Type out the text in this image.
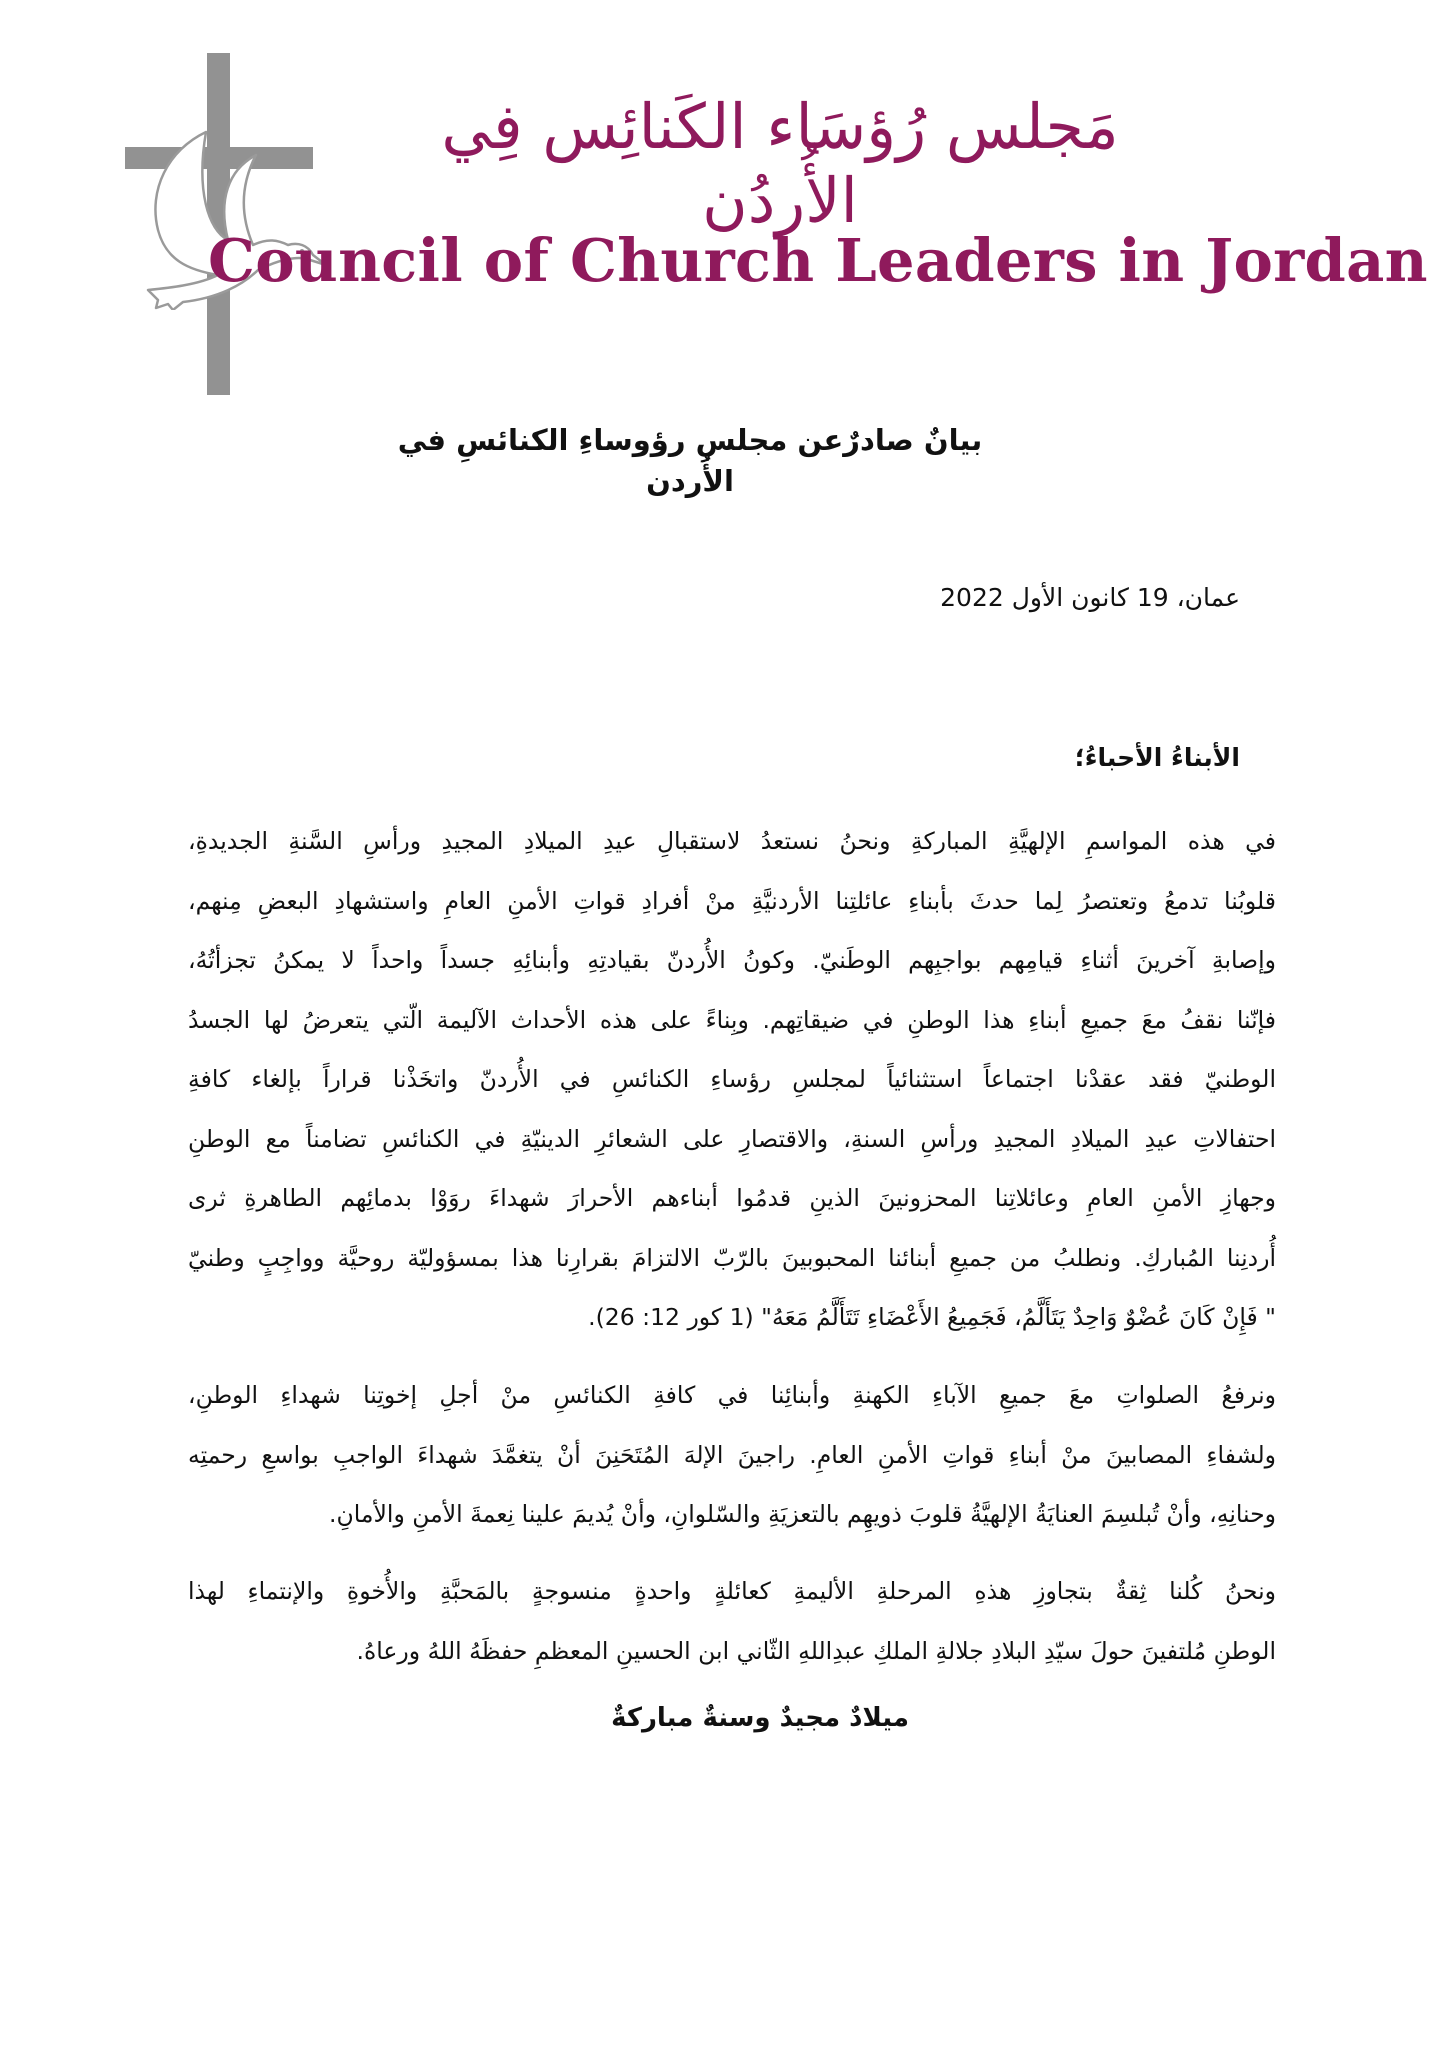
مَجلس رُؤسَاء الكَنائِس فِي الأُردُن
Council of Church Leaders in Jordan
بيانٌ صادرٌعن مجلسِ رؤوساءِ الكنائسِ في الأُردن
عمان، 19 كانون الأول 2022
الأبناءُ الأحباءُ؛
في هذه المواسمِ الإلهيَّةِ المباركةِ ونحنُ نستعدُ لاستقبالِ عيدِ الميلادِ المجيدِ ورأسِ السَّنةِ الجديدةِ،
قلوبُنا تدمعُ وتعتصرُ لِما حدثَ بأبناءِ عائلتِنا الأردنيَّةِ منْ أفرادِ قواتِ الأمنِ العامِ واستشهادِ البعضِ مِنهم،
وإصابةِ آخرينَ أثناءِ قيامِهم بواجبِهم الوطَنيّ. وكونُ الأُردنّ بقيادتِهِ وأبنائِهِ جسداً واحداً لا يمكنُ تجزأتُهُ،
فإنّنا نقفُ معَ جميعِ أبناءِ هذا الوطنِ في ضيقاتِهم. وبِناءً على هذه الأحداث الآليمة الّتي يتعرضُ لها الجسدُ
الوطنيّ فقد عقدْنا اجتماعاً استثنائياً لمجلسِ رؤساءِ الكنائسِ في الأُردنّ واتخَذْنا قراراً بإلغاء كافةِ
احتفالاتِ عيدِ الميلادِ المجيدِ ورأسِ السنةِ، والاقتصارِ على الشعائرِ الدينيّةِ في الكنائسِ تضامناً مع الوطنِ
وجهازِ الأمنِ العامِ وعائلاتِنا المحزونينَ الذينِ قدمُوا أبناءهم الأحرارَ شهداءَ روَوْا بدمائِهم الطاهرةِ ثرى
أُردنِنا المُباركِ. ونطلبُ من جميعِ أبنائنا المحبوبينَ بالرّبّ الالتزامَ بقرارِنا هذا بمسؤوليّة روحيَّة وواجِبٍ وطنيّ
" فَإِنْ كَانَ عُضْوٌ وَاحِدٌ يَتَأَلَّمُ، فَجَمِيعُ الأَعْضَاءِ تَتَأَلَّمُ مَعَهُ" (1 كور 12: 26).
ونرفعُ الصلواتِ معَ جميعِ الآباءِ الكهنةِ وأبنائِنا في كافةِ الكنائسِ منْ أجلِ إخوتِنا شهداءِ الوطنِ،
ولشفاءِ المصابينَ منْ أبناءِ قواتِ الأمنِ العامِ. راجينَ الإلهَ المُتَحَنِنَ أنْ يتغمَّدَ شهداءَ الواجبِ بواسعِ رحمتِه
وحنانِهِ، وأنْ تُبلسِمَ العنايَةُ الإلهيَّةُ قلوبَ ذويهِم بالتعزيَةِ والسّلوانِ، وأنْ يُديمَ علينا نِعمةَ الأمنِ والأمانِ.
ونحنُ كُلنا ثِقةٌ بتجاوزِ هذهِ المرحلةِ الأليمةِ كعائلةٍ واحدةٍ منسوجةٍ بالمَحبَّةِ والأُخوةِ والإنتماءِ لهذا
الوطنِ مُلتفينَ حولَ سيّدِ البلادِ جلالةِ الملكِ عبدِاللهِ الثّاني ابن الحسينِ المعظمِ حفظَهُ اللهُ ورعاهُ.
ميلادٌ مجيدٌ وسنةٌ مباركةٌ
